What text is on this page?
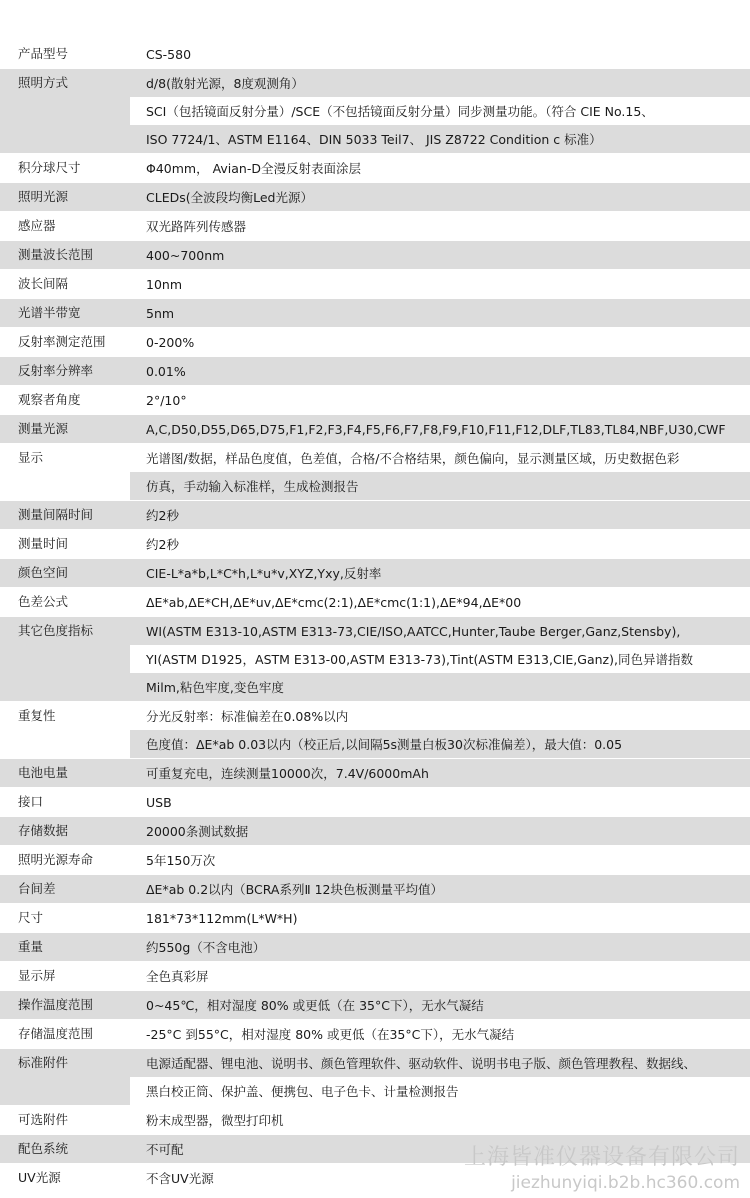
产品型号	CS-580
照明方式	d/8(散射光源，8度观测角）
SCI（包括镜面反射分量）/SCE（不包括镜面反射分量）同步测量功能。（符合 CIE No.15、
ISO 7724/1、ASTM E1164、DIN 5033 Teil7、 JIS Z8722 Condition c 标准）
积分球尺寸	Φ40mm， Avian-D全漫反射表面涂层
照明光源	CLEDs(全波段均衡Led光源）
感应器	双光路阵列传感器
测量波长范围	400~700nm
波长间隔	10nm
光谱半带宽	5nm
反射率测定范围	0-200%
反射率分辨率	0.01%
观察者角度	2°/10°
测量光源	A,C,D50,D55,D65,D75,F1,F2,F3,F4,F5,F6,F7,F8,F9,F10,F11,F12,DLF,TL83,TL84,NBF,U30,CWF
显示	光谱图/数据，样品色度值，色差值，合格/不合格结果，颜色偏向，显示测量区域，历史数据色彩
仿真，手动输入标准样，生成检测报告
测量间隔时间	约2秒
测量时间	约2秒
颜色空间	CIE-L*a*b,L*C*h,L*u*v,XYZ,Yxy,反射率
色差公式	ΔE*ab,ΔE*CH,ΔE*uv,ΔE*cmc(2:1),ΔE*cmc(1:1),ΔE*94,ΔE*00
其它色度指标	WI(ASTM E313-10,ASTM E313-73,CIE/ISO,AATCC,Hunter,Taube Berger,Ganz,Stensby),
YI(ASTM D1925，ASTM E313-00,ASTM E313-73),Tint(ASTM E313,CIE,Ganz),同色异谱指数
Milm,粘色牢度,变色牢度
重复性	分光反射率：标准偏差在0.08%以内
色度值：ΔE*ab 0.03以内（校正后,以间隔5s测量白板30次标准偏差），最大值：0.05
电池电量	可重复充电，连续测量10000次，7.4V/6000mAh
接口	USB
存储数据	20000条测试数据
照明光源寿命	5年150万次
台间差	ΔE*ab 0.2以内（BCRA系列Ⅱ 12块色板测量平均值）
尺寸	181*73*112mm(L*W*H)
重量	约550g（不含电池）
显示屏	全色真彩屏
操作温度范围	0~45℃，相对湿度 80% 或更低（在 35°C下），无水气凝结
存储温度范围	-25°C 到55°C，相对湿度 80% 或更低（在35°C下），无水气凝结
标准附件	电源适配器、锂电池、说明书、颜色管理软件、驱动软件、说明书电子版、颜色管理教程、数据线、
黑白校正筒、保护盖、便携包、电子色卡、计量检测报告
可选附件	粉末成型器，微型打印机
配色系统	不可配
UV光源	不含UV光源
上海皆准仪器设备有限公司
jiezhunyiqi.b2b.hc360.com
